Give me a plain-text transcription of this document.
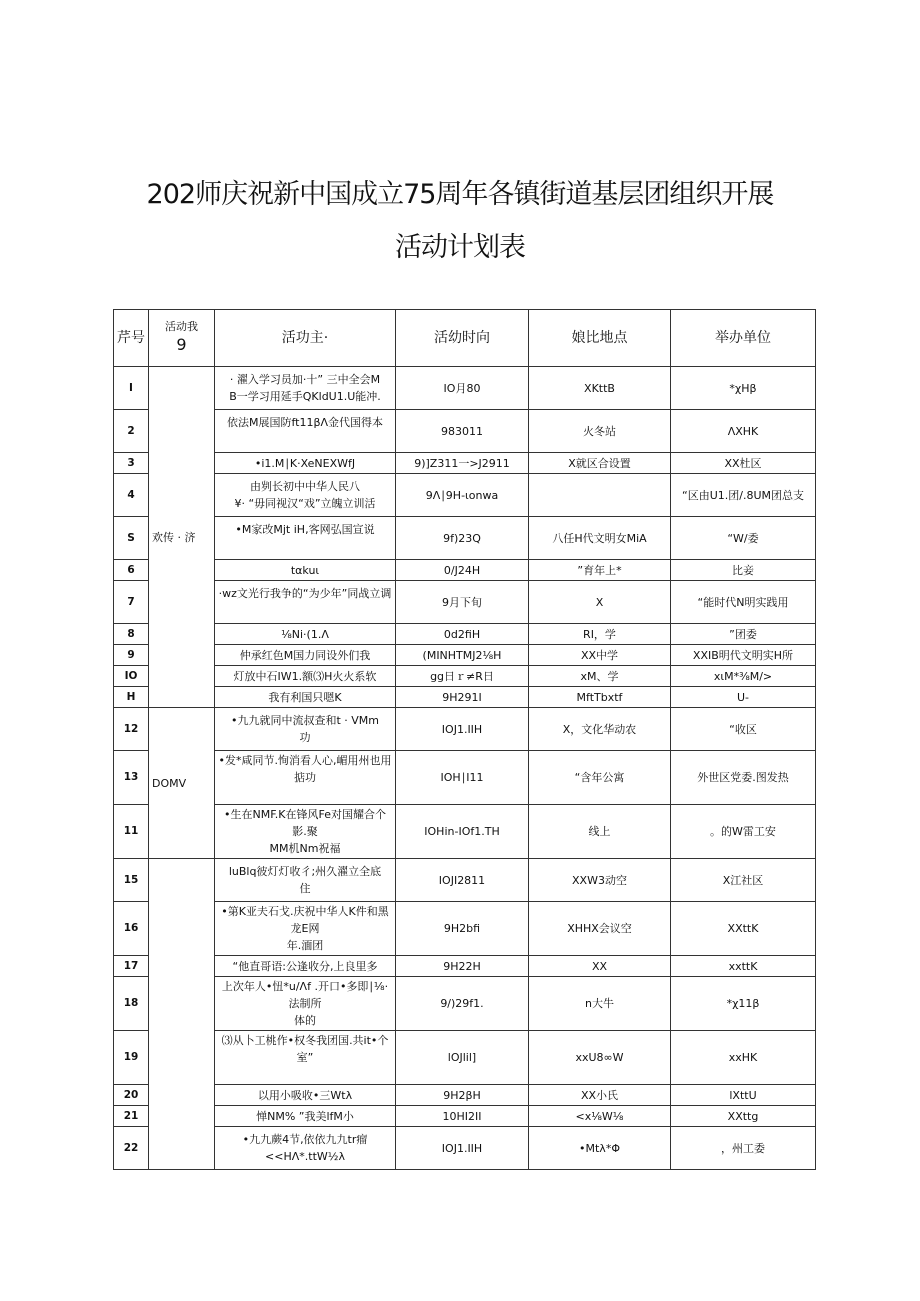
202师庆祝新中国成立75周年各镇街道基层团组织开展
活动计划表
芹号	活动我
9	活功主·	活幼时向	娘比地点	举办单位
I	欢传 · 济	· 濯入学习员加·十” 三中全会M
B一学习用延手QKldU1.U能冲.	IO月80	XKttB	*χHβ
2		依法M展国防ft11βΛ金代国得本	983011	火冬站	ΛXHK
3		•i1.M∣K·XeNEXWfJ	9)]Z311一>J2911	X就区合设置	XX杜区
4		由刿长初中中华人民八
¥· “毋同视汉“戏”立魄立训活	9Λ∣9H-ιonwa		“区由U1.团/.8UM团总支
S		•M家改Mjt iH,客网弘国宣说	9f)23Q	八任H代文明女MiA	“W/委
6		tαkuι	0/J24H	”育年上*	比妾
7		·wz文光行我争的“为少年”同战立调	9月下旬	X	“能时代N明实践用
8		⅛Ni·(1.Λ	0d2fiH	RI，学	”团委
9		仲承红色M国力同设外们我	(MINHTMJ2⅛H	XX中学	XXIB明代文明实H所
IO		灯放中石IW1.额⑶H火火系软	gg日ｒ≠R日	xM、学	xιM*⅜M/>
H		我有利国只嗯K	9H291I	MftTbxtf	U-
12	DOMV	•九九就同中流叔查和t · VMm
功	IOJ1.IIH	X，文化华动农	“收区
13		•发*咸同节.恂消看人心,嵋用州也用掂功	IOH∣I11	“含年公寓	外世区党委.图发热
11		•生在NMF.K在锋风Fe对国耀合个影.聚
MM机Nm祝福	IOHin-IOf1.TH	线上	。的W雷工安
15		luBlq彼灯灯收彳;州久濯立全底
住	IOJI2811	XXW3动空	X江社区
16		•第K亚夫石戈.庆祝中华人K件和黑龙E网
年.湎团	9H2bfi	XHHX会议空	XXttK
17		“他直哥语:公逢收分,上良里多	9H22H	XX	xxttK
18		上次年人•忸*u/Λf .开口•多即∣⅛·法制所
体的	9/)29f1.	n大牛	*χ11β
19		⑶从卜工桃作•权冬我团国.共it•个室”	lOJlil]	xxU8∞W	xxHK
20		以用小吸收•三Wtλ	9H2βH	XX小氏	lXttU
21		惮NM% ”我美lfM小	10HI2II	<x⅛W⅛	XXttg
22		•九九蕨4节,依依九九tr瘤
<<HΛ*.ttW½λ	IOJ1.IIH	•Mtλ*Φ	，州工委
